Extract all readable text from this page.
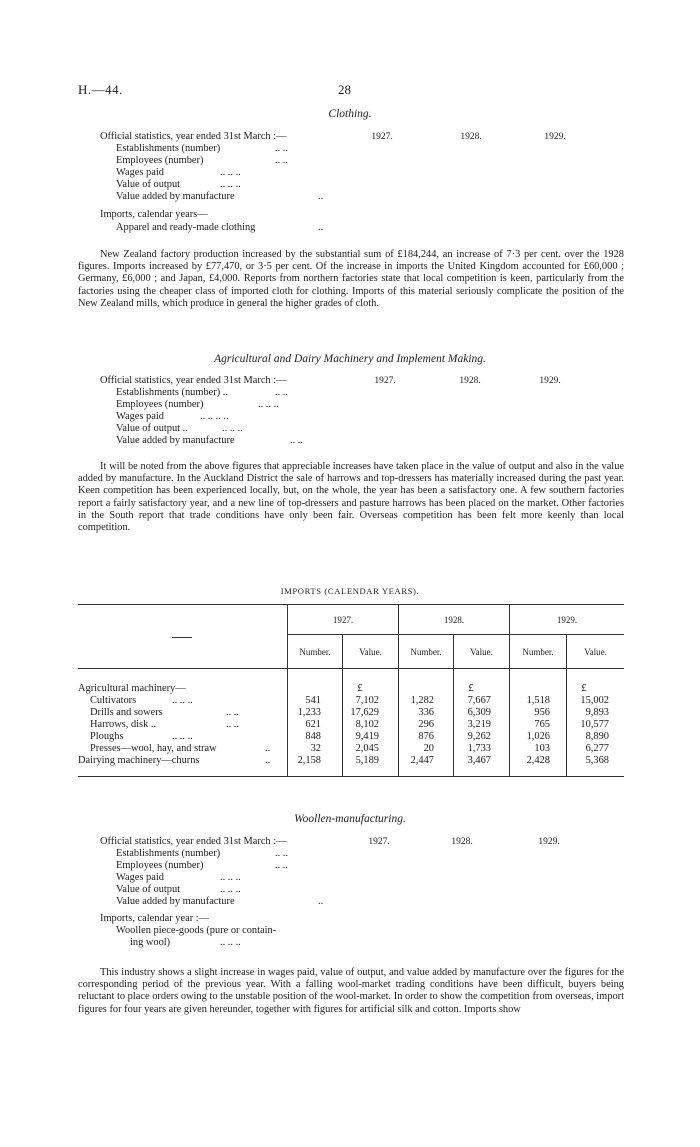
H.—44.	28
Clothing.
Official statistics, year ended 31st March :—	1927.	1928.	1929.
Establishments (number)	.. ..
Employees (number)	.. ..
Wages paid	.. .. ..
Value of output	.. .. ..
Value added by manufacture	..
Imports, calendar years—
Apparel and ready-made clothing	..
New Zealand factory production increased by the substantial sum of £184,244, an increase of 7·3 per cent. over the 1928 figures. Imports increased by £77,470, or 3·5 per cent. Of the increase in imports the United Kingdom accounted for £60,000 ; Germany, £6,000 ; and Japan, £4,000. Reports from northern factories state that local competition is keen, particularly from the factories using the cheaper class of imported cloth for clothing. Imports of this material seriously complicate the position of the New Zealand mills, which produce in general the higher grades of cloth.
Agricultural and Dairy Machinery and Implement Making.
Official statistics, year ended 31st March :—	1927.	1928.	1929.
Establishments (number) ..	.. ..
Employees (number)	.. .. ..
Wages paid	.. .. .. ..
Value of output ..	.. .. ..
Value added by manufacture	.. ..
It will be noted from the above figures that appreciable increases have taken place in the value of output and also in the value added by manufacture. In the Auckland District the sale of harrows and top-dressers has materially increased during the past year. Keen competition has been experienced locally, but, on the whole, the year has been a satisfactory one. A few southern factories report a fairly satisfactory year, and a new line of top-dressers and pasture harrows has been placed on the market. Other factories in the South report that trade conditions have only been fair. Overseas competition has been felt more keenly than local competition.
IMPORTS (CALENDAR YEARS).
1927.	1928.	1929.
Number.	Value.	Number.	Value.	Number.	Value.
£	£	£
Agricultural machinery—
Cultivators	.. .. ..	541	7,102	1,282	7,667	1,518	15,002
Drills and sowers	.. ..	1,233	17,629	336	6,309	956	9,893
Harrows, disk ..	.. ..	621	8,102	296	3,219	765	10,577
Ploughs	.. .. ..	848	9,419	876	9,262	1,026	8,890
Presses—wool, hay, and straw	..	32	2,045	20	1,733	103	6,277
Dairying machinery—churns	..	2,158	5,189	2,447	3,467	2,428	5,368
Woollen-manufacturing.
Official statistics, year ended 31st March :—	1927.	1928.	1929.
Establishments (number)	.. ..
Employees (number)	.. ..
Wages paid	.. .. ..
Value of output	.. .. ..
Value added by manufacture	..
Imports, calendar year :—
Woollen piece-goods (pure or contain-
ing wool)	.. .. ..
This industry shows a slight increase in wages paid, value of output, and value added by manufacture over the figures for the corresponding period of the previous year. With a falling wool-market trading conditions have been difficult, buyers being reluctant to place orders owing to the unstable position of the wool-market. In order to show the competition from overseas, import figures for four years are given hereunder, together with figures for artificial silk and cotton. Imports show
